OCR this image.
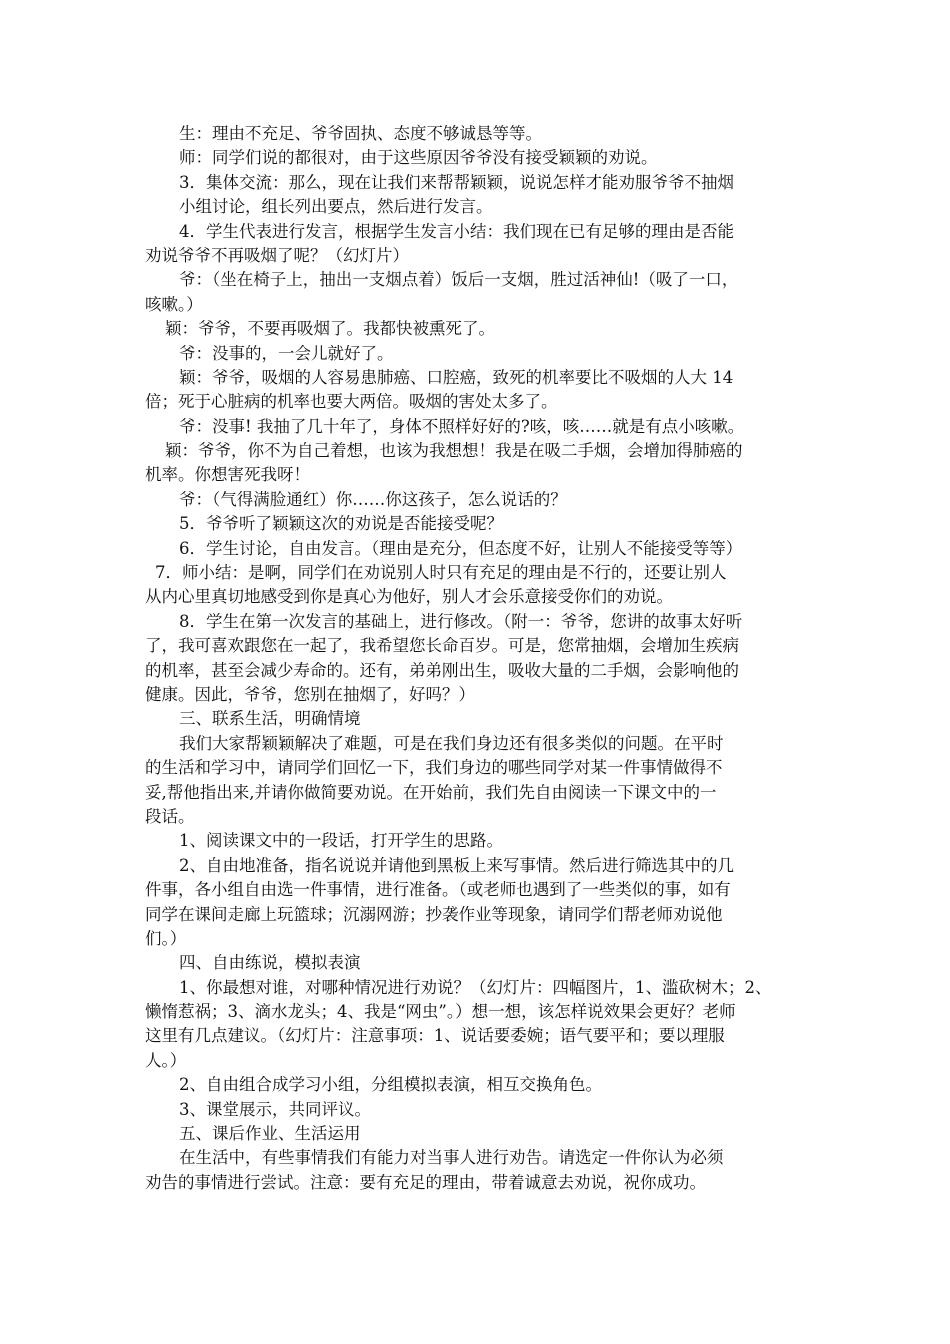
生：理由不充足、爷爷固执、态度不够诚恳等等。
师：同学们说的都很对，由于这些原因爷爷没有接受颖颖的劝说。
3．集体交流：那么，现在让我们来帮帮颖颖，说说怎样才能劝服爷爷不抽烟
小组讨论，组长列出要点，然后进行发言。
4．学生代表进行发言，根据学生发言小结：我们现在已有足够的理由是否能
劝说爷爷不再吸烟了呢？（幻灯片）
爷：（坐在椅子上，抽出一支烟点着）饭后一支烟，胜过活神仙!（吸了一口，
咳嗽。）
颖：爷爷，不要再吸烟了。我都快被熏死了。
爷：没事的，一会儿就好了。
颖：爷爷，吸烟的人容易患肺癌、口腔癌，致死的机率要比不吸烟的人大 14
倍；死于心脏病的机率也要大两倍。吸烟的害处太多了。
爷：没事! 我抽了几十年了，身体不照样好好的?咳，咳……就是有点小咳嗽。
颖：爷爷，你不为自己着想，也该为我想想！我是在吸二手烟，会增加得肺癌的
机率。你想害死我呀！
爷：（气得满脸通红）你……你这孩子，怎么说话的？
5．爷爷听了颖颖这次的劝说是否能接受呢？
6．学生讨论，自由发言。（理由是充分，但态度不好，让别人不能接受等等）
7．师小结：是啊，同学们在劝说别人时只有充足的理由是不行的，还要让别人
从内心里真切地感受到你是真心为他好，别人才会乐意接受你们的劝说。
8．学生在第一次发言的基础上，进行修改。（附一：爷爷，您讲的故事太好听
了，我可喜欢跟您在一起了，我希望您长命百岁。可是，您常抽烟，会增加生疾病
的机率，甚至会减少寿命的。还有，弟弟刚出生，吸收大量的二手烟，会影响他的
健康。因此，爷爷，您别在抽烟了，好吗？）
三、联系生活，明确情境
我们大家帮颖颖解决了难题，可是在我们身边还有很多类似的问题。在平时
的生活和学习中，请同学们回忆一下，我们身边的哪些同学对某一件事情做得不
妥,帮他指出来,并请你做简要劝说。在开始前，我们先自由阅读一下课文中的一
段话。
1、阅读课文中的一段话，打开学生的思路。
2、自由地准备，指名说说并请他到黑板上来写事情。然后进行筛选其中的几
件事，各小组自由选一件事情，进行准备。（或老师也遇到了一些类似的事，如有
同学在课间走廊上玩篮球；沉溺网游；抄袭作业等现象，请同学们帮老师劝说他
们。）
四、自由练说，模拟表演
1、你最想对谁，对哪种情况进行劝说？（幻灯片：四幅图片，1、滥砍树木；2、
懒惰惹祸；3、滴水龙头；4、我是“网虫”。）想一想，该怎样说效果会更好？老师
这里有几点建议。（幻灯片：注意事项：1、说话要委婉；语气要平和；要以理服
人。）
2、自由组合成学习小组，分组模拟表演，相互交换角色。
3、课堂展示，共同评议。
五、课后作业、生活运用
在生活中，有些事情我们有能力对当事人进行劝告。请选定一件你认为必须
劝告的事情进行尝试。注意：要有充足的理由，带着诚意去劝说，祝你成功。
